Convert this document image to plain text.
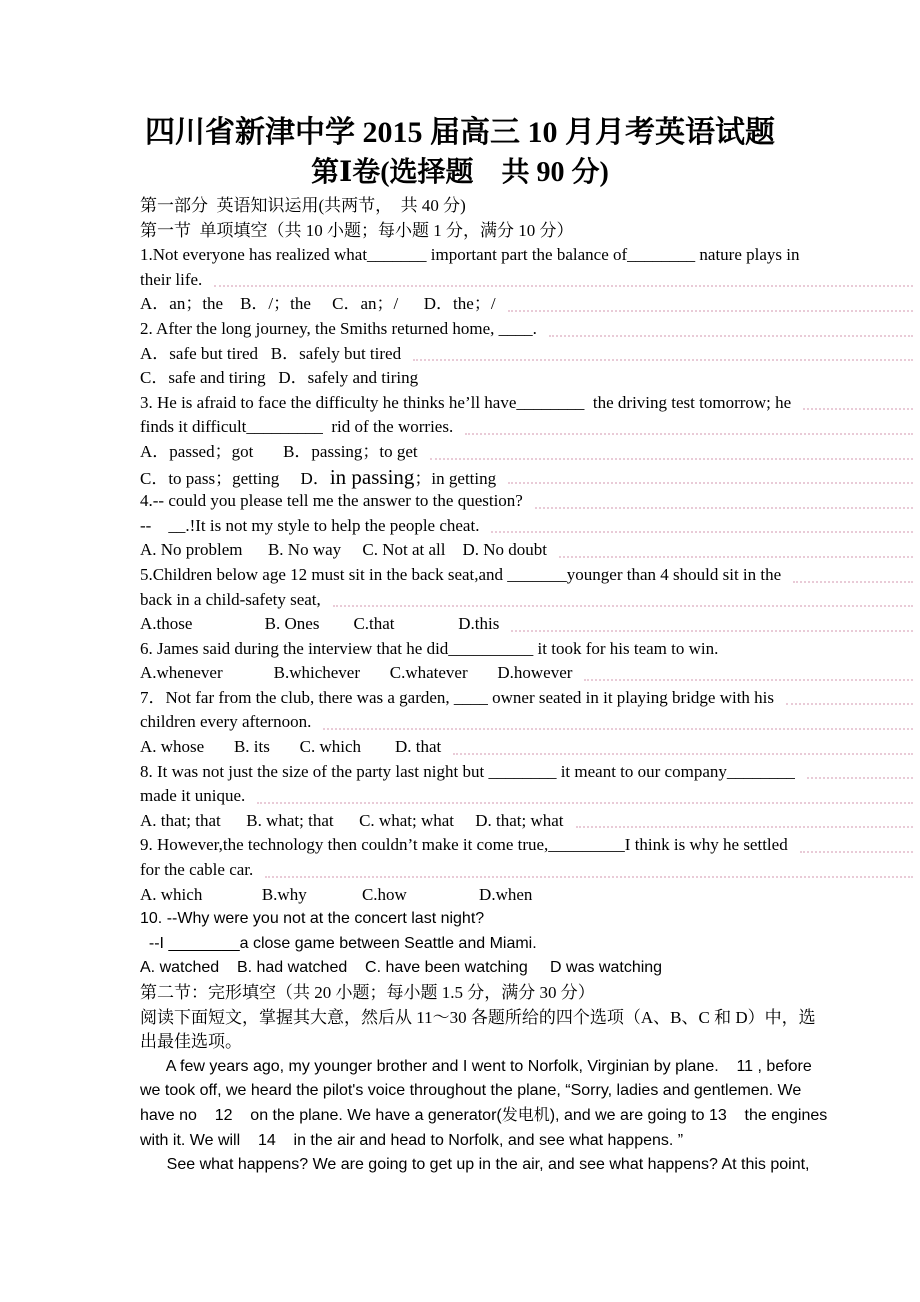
四川省新津中学 2015 届高三 10 月月考英语试题
第Ⅰ卷(选择题　共 90 分)
第一部分  英语知识运用(共两节，  共 40 分)
第一节  单项填空（共 10 小题；每小题 1 分，满分 10 分）
1.Not everyone has realized what_______ important part the balance of________ nature plays in
their life.
A．an；the    B．/；the     C．an；/      D．the；/
2. After the long journey, the Smiths returned home, ____.
A．safe but tired   B．safely but tired
C．safe and tiring   D．safely and tiring
3. He is afraid to face the difficulty he thinks he’ll have________  the driving test tomorrow; he
finds it difficult_________  rid of the worries.
A．passed；got       B．passing；to get
C．to pass；getting     D． in passing ；in getting
4.-- could you please tell me the answer to the question?
--    __.!It is not my style to help the people cheat.
A. No problem      B. No way     C. Not at all    D. No doubt
5.Children below age 12 must sit in the back seat,and _______younger than 4 should sit in the
back in a child-safety seat,
A.those                 B. Ones        C.that               D.this
6. James said during the interview that he did__________ it took for his team to win.
A.whenever            B.whichever       C.whatever       D.however
7．Not far from the club, there was a garden, ____ owner seated in it playing bridge with his
children every afternoon.
A. whose       B. its       C. which        D. that
8. It was not just the size of the party last night but ________ it meant to our company________
made it unique.
A. that; that      B. what; that      C. what; what     D. that; what
9. However,the technology then couldn’t make it come true,_________I think is why he settled
for the cable car.
A. which              B.why             C.how                 D.when
10. --Why were you not at the concert last night?
--I ________a close game between Seattle and Miami.
A. watched    B. had watched    C. have been watching     D was watching
第二节：完形填空（共 20 小题；每小题 1.5 分，满分 30 分）
阅读下面短文，掌握其大意，然后从 11～30 各题所给的四个选项（A、B、C 和 D）中，选
出最佳选项。
A few years ago, my younger brother and I went to Norfolk, Virginian by plane.    11 , before
we took off, we heard the pilot's voice throughout the plane, “Sorry, ladies and gentlemen. We
have no    12    on the plane. We have a generator(发电机), and we are going to 13    the engines
with it. We will    14    in the air and head to Norfolk, and see what happens. ”
See what happens? We are going to get up in the air, and see what happens? At this point,
